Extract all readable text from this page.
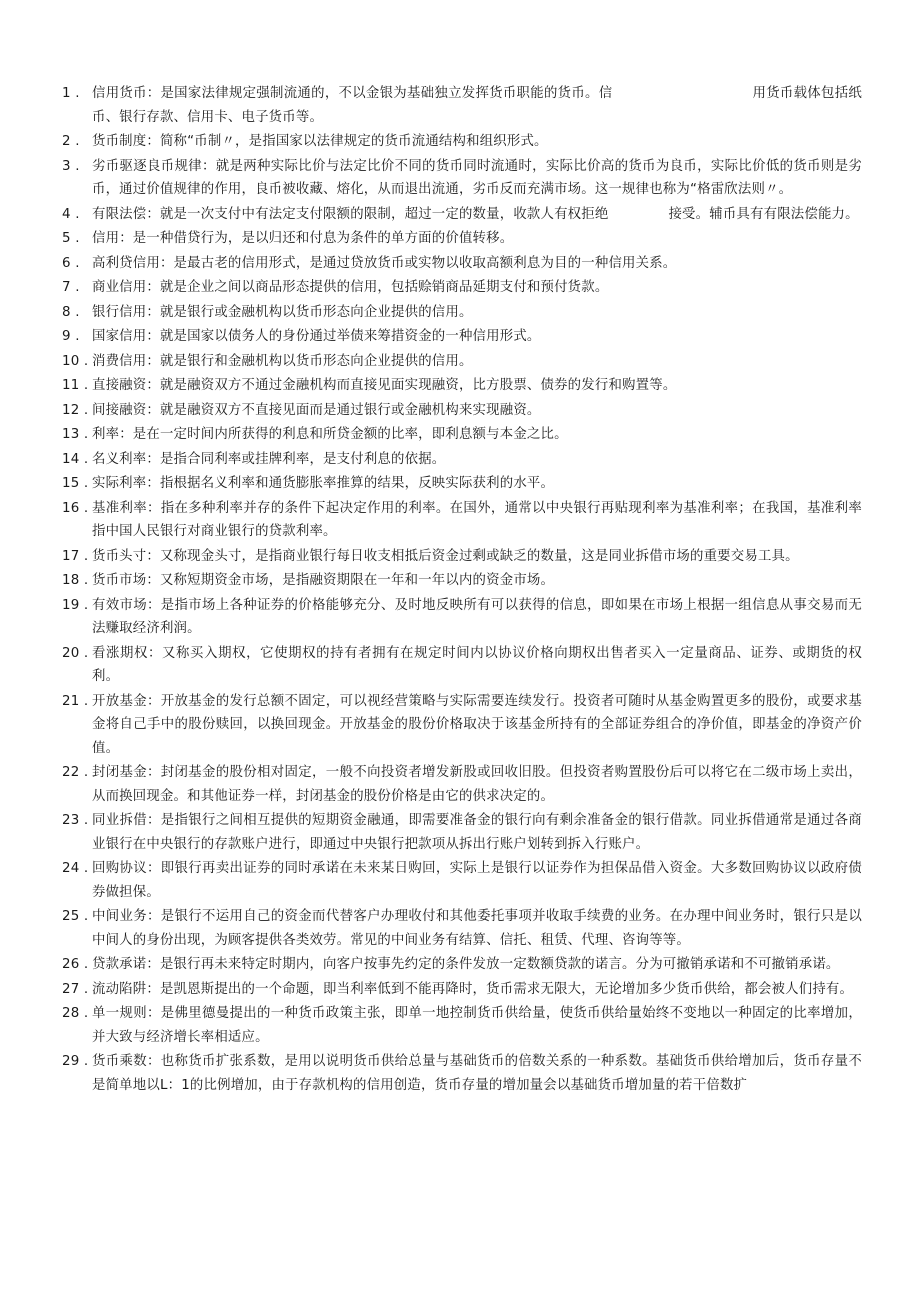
1 . 信用货币：是国家法律规定强制流通的，不以金银为基础独立发挥货币职能的货币。信	用货币载体包括纸币、银行存款、信用卡、电子货币等。
2 . 货币制度：简称“币制〃，是指国家以法律规定的货币流通结构和组织形式。
3 . 劣币驱逐良币规律：就是两种实际比价与法定比价不同的货币同时流通时，实际比价高的货币为良币，实际比价低的货币则是劣币，通过价值规律的作用，良币被收藏、熔化，从而退出流通，劣币反而充满市场。这一规律也称为“格雷欣法则〃。
4 . 有限法偿：就是一次支付中有法定支付限额的限制，超过一定的数量，收款人有权拒绝	接受。辅币具有有限法偿能力。
5 . 信用：是一种借贷行为，是以归还和付息为条件的单方面的价值转移。
6 . 高利贷信用：是最古老的信用形式，是通过贷放货币或实物以收取高额利息为目的一种信用关系。
7 . 商业信用：就是企业之间以商品形态提供的信用，包括赊销商品延期支付和预付货款。
8 . 银行信用：就是银行或金融机构以货币形态向企业提供的信用。
9 . 国家信用：就是国家以债务人的身份通过举债来筹措资金的一种信用形式。
10 . 消费信用：就是银行和金融机构以货币形态向企业提供的信用。
11 . 直接融资：就是融资双方不通过金融机构而直接见面实现融资，比方股票、债券的发行和购置等。
12 . 间接融资：就是融资双方不直接见面而是通过银行或金融机构来实现融资。
13 . 利率：是在一定时间内所获得的利息和所贷金额的比率，即利息额与本金之比。
14 . 名义利率：是指合同利率或挂牌利率，是支付利息的依据。
15 . 实际利率：指根据名义利率和通货膨胀率推算的结果，反映实际获利的水平。
16 . 基准利率：指在多种利率并存的条件下起决定作用的利率。在国外，通常以中央银行再贴现利率为基准利率；在我国，基准利率指中国人民银行对商业银行的贷款利率。
17 . 货币头寸：又称现金头寸，是指商业银行每日收支相抵后资金过剩或缺乏的数量，这是同业拆借市场的重要交易工具。
18 . 货币市场：又称短期资金市场，是指融资期限在一年和一年以内的资金市场。
19 . 有效市场：是指市场上各种证券的价格能够充分、及时地反映所有可以获得的信息，即如果在市场上根据一组信息从事交易而无法赚取经济利润。
20 . 看涨期权：又称买入期权，它使期权的持有者拥有在规定时间内以协议价格向期权出售者买入一定量商品、证券、或期货的权利。
21 . 开放基金：开放基金的发行总额不固定，可以视经营策略与实际需要连续发行。投资者可随时从基金购置更多的股份，或要求基金将自己手中的股份赎回，以换回现金。开放基金的股份价格取决于该基金所持有的全部证券组合的净价值，即基金的净资产价值。
22 . 封闭基金：封闭基金的股份相对固定，一般不向投资者增发新股或回收旧股。但投资者购置股份后可以将它在二级市场上卖出，从而换回现金。和其他证券一样，封闭基金的股份价格是由它的供求决定的。
23 . 同业拆借：是指银行之间相互提供的短期资金融通，即需要准备金的银行向有剩余准备金的银行借款。同业拆借通常是通过各商业银行在中央银行的存款账户进行，即通过中央银行把款项从拆出行账户划转到拆入行账户。
24 . 回购协议：即银行再卖出证券的同时承诺在未来某日购回，实际上是银行以证券作为担保品借入资金。大多数回购协议以政府债券做担保。
25 . 中间业务：是银行不运用自己的资金而代替客户办理收付和其他委托事项并收取手续费的业务。在办理中间业务时，银行只是以中间人的身份出现，为顾客提供各类效劳。常见的中间业务有结算、信托、租赁、代理、咨询等等。
26 . 贷款承诺：是银行再未来特定时期内，向客户按事先约定的条件发放一定数额贷款的诺言。分为可撤销承诺和不可撤销承诺。
27 . 流动陷阱：是凯恩斯提出的一个命题，即当利率低到不能再降时，货币需求无限大，无论增加多少货币供给，都会被人们持有。
28 . 单一规则：是佛里德曼提出的一种货币政策主张，即单一地控制货币供给量，使货币供给量始终不变地以一种固定的比率增加，并大致与经济增长率相适应。
29 . 货币乘数：也称货币扩张系数，是用以说明货币供给总量与基础货币的倍数关系的一种系数。基础货币供给增加后，货币存量不是简单地以L：1的比例增加，由于存款机构的信用创造，货币存量的增加量会以基础货币增加量的若干倍数扩
